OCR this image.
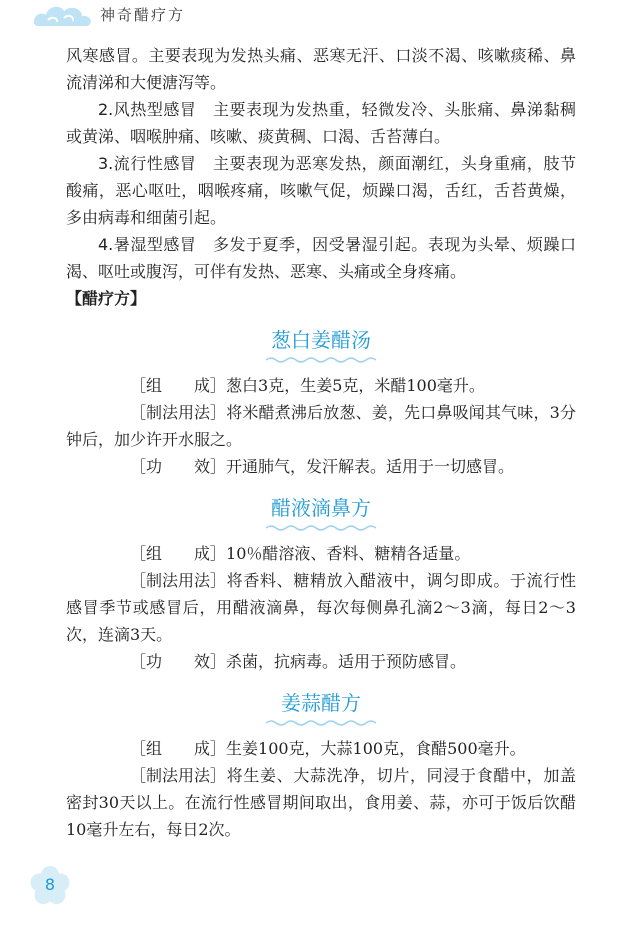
神奇醋疗方

风寒感冒。主要表现为发热头痛、恶寒无汗、口淡不渴、咳嗽痰稀、鼻流清涕和大便溏泻等。

2.风热型感冒　 主要表现为发热重，轻微发冷、头胀痛、鼻涕黏稠或黄涕、咽喉肿痛、咳嗽、痰黄稠、口渴、舌苔薄白。

3.流行性感冒　 主要表现为恶寒发热，颜面潮红，头身重痛，肢节酸痛，恶心呕吐，咽喉疼痛，咳嗽气促，烦躁口渴，舌红，舌苔黄燥，多由病毒和细菌引起。

4.暑湿型感冒　 多发于夏季，因受暑湿引起。表现为头晕、烦躁口渴、呕吐或腹泻，可伴有发热、恶寒、头痛或全身疼痛。

【醋疗方】

葱白姜醋汤

［组　　成］葱白3克，生姜5克，米醋100毫升。

［制法用法］将米醋煮沸后放葱、姜，先口鼻吸闻其气味，3分钟后，加少许开水服之。

［功　　效］开通肺气，发汗解表。适用于一切感冒。

醋液滴鼻方

［组　　成］10％醋溶液、香料、糖精各适量。

［制法用法］将香料、糖精放入醋液中，调匀即成。于流行性感冒季节或感冒后，用醋液滴鼻，每次每侧鼻孔滴2～3滴，每日2～3次，连滴3天。

［功　　效］杀菌，抗病毒。适用于预防感冒。

姜蒜醋方

［组　　成］生姜100克，大蒜100克，食醋500毫升。

［制法用法］将生姜、大蒜洗净，切片，同浸于食醋中，加盖密封30天以上。在流行性感冒期间取出，食用姜、蒜，亦可于饭后饮醋10毫升左右，每日2次。

8
